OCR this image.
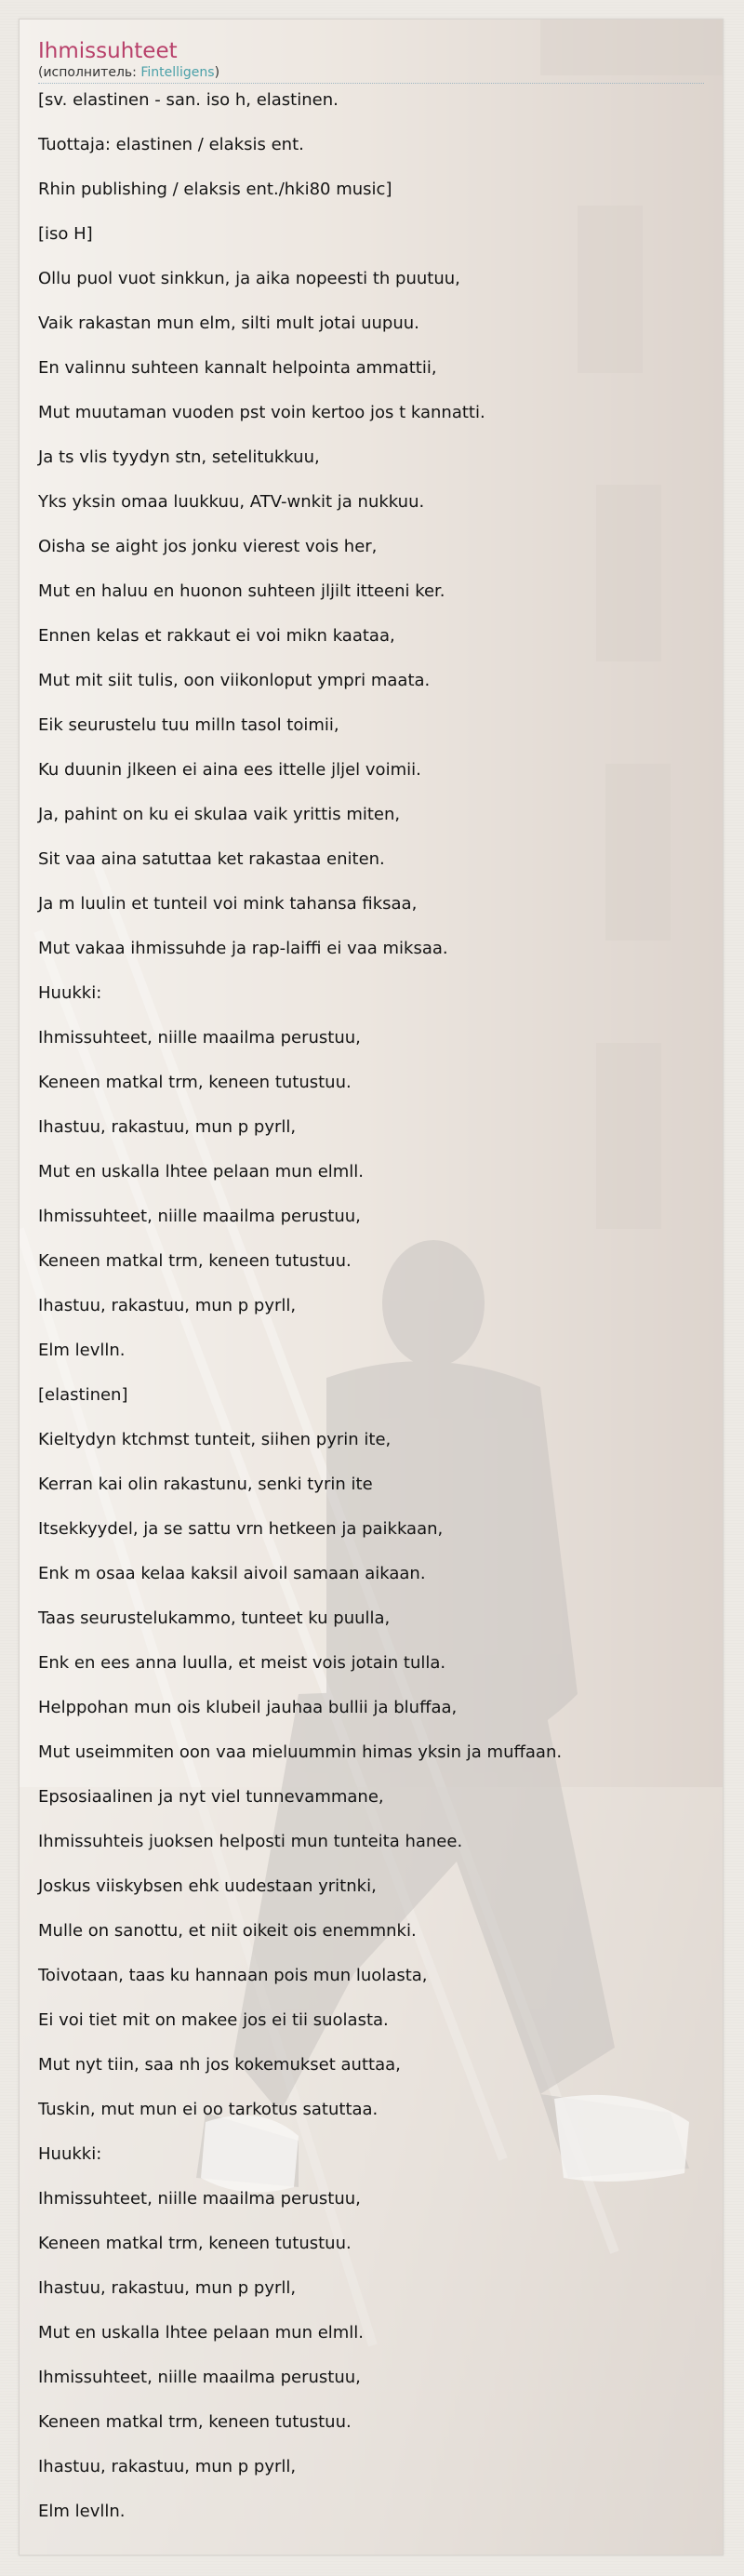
Ihmissuhteet
(исполнитель: Fintelligens)

[sv. elastinen - san. iso h, elastinen.

Tuottaja: elastinen / elaksis ent.

Rhin publishing / elaksis ent./hki80 music]

[iso H]

Ollu puol vuot sinkkun, ja aika nopeesti th puutuu,

Vaik rakastan mun elm, silti mult jotai uupuu.

En valinnu suhteen kannalt helpointa ammattii,

Mut muutaman vuoden pst voin kertoo jos t kannatti.

Ja ts vlis tyydyn stn, setelitukkuu,

Yks yksin omaa luukkuu, ATV-wnkit ja nukkuu.

Oisha se aight jos jonku vierest vois her,

Mut en haluu en huonon suhteen jljilt itteeni ker.

Ennen kelas et rakkaut ei voi mikn kaataa,

Mut mit siit tulis, oon viikonloput ympri maata.

Eik seurustelu tuu milln tasol toimii,

Ku duunin jlkeen ei aina ees ittelle jljel voimii.

Ja, pahint on ku ei skulaa vaik yrittis miten,

Sit vaa aina satuttaa ket rakastaa eniten.

Ja m luulin et tunteil voi mink tahansa fiksaa,

Mut vakaa ihmissuhde ja rap-laiffi ei vaa miksaa.

Huukki:

Ihmissuhteet, niille maailma perustuu,

Keneen matkal trm, keneen tutustuu.

Ihastuu, rakastuu, mun p pyrll,

Mut en uskalla lhtee pelaan mun elmll.

Ihmissuhteet, niille maailma perustuu,

Keneen matkal trm, keneen tutustuu.

Ihastuu, rakastuu, mun p pyrll,

Elm levlln.

[elastinen]

Kieltydyn ktchmst tunteit, siihen pyrin ite,

Kerran kai olin rakastunu, senki tyrin ite

Itsekkyydel, ja se sattu vrn hetkeen ja paikkaan,

Enk m osaa kelaa kaksil aivoil samaan aikaan.

Taas seurustelukammo, tunteet ku puulla,

Enk en ees anna luulla, et meist vois jotain tulla.

Helppohan mun ois klubeil jauhaa bullii ja bluffaa,

Mut useimmiten oon vaa mieluummin himas yksin ja muffaan.

Epsosiaalinen ja nyt viel tunnevammane,

Ihmissuhteis juoksen helposti mun tunteita hanee.

Joskus viiskybsen ehk uudestaan yritnki,

Mulle on sanottu, et niit oikeit ois enemmnki.

Toivotaan, taas ku hannaan pois mun luolasta,

Ei voi tiet mit on makee jos ei tii suolasta.

Mut nyt tiin, saa nh jos kokemukset auttaa,

Tuskin, mut mun ei oo tarkotus satuttaa.

Huukki:

Ihmissuhteet, niille maailma perustuu,

Keneen matkal trm, keneen tutustuu.

Ihastuu, rakastuu, mun p pyrll,

Mut en uskalla lhtee pelaan mun elmll.

Ihmissuhteet, niille maailma perustuu,

Keneen matkal trm, keneen tutustuu.

Ihastuu, rakastuu, mun p pyrll,

Elm levlln.
